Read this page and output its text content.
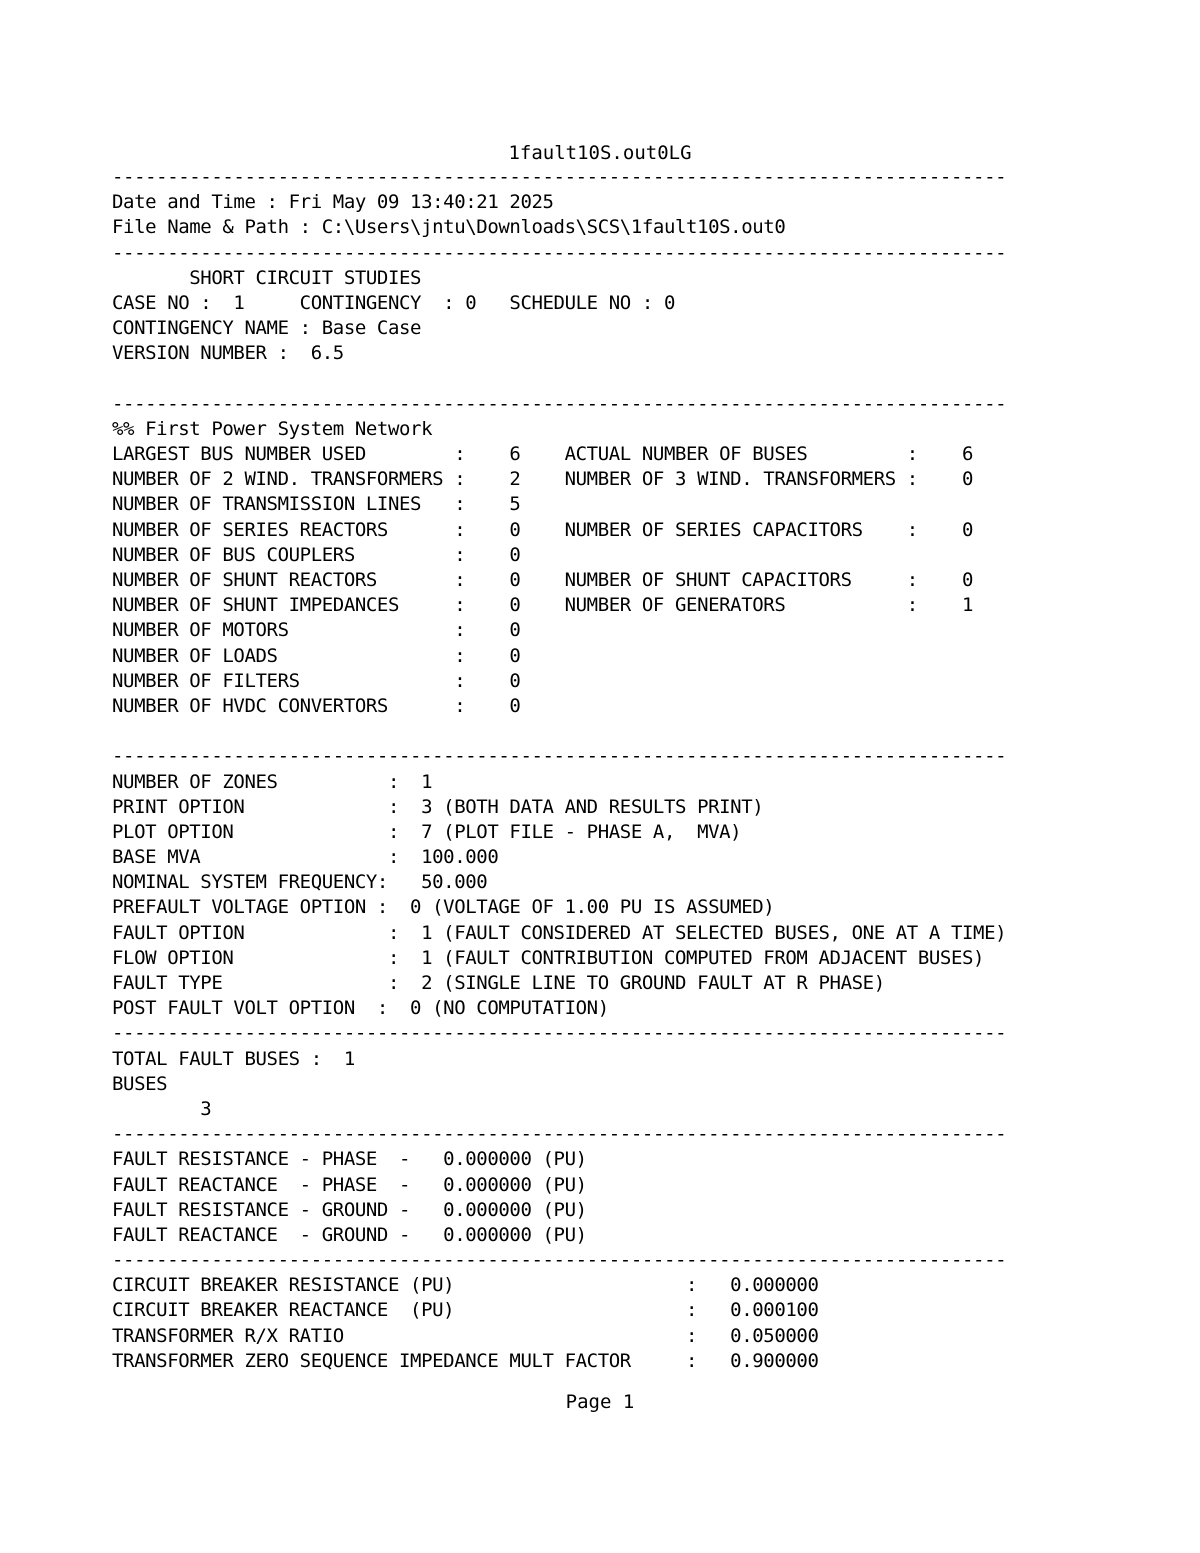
1fault10S.out0LG
---------------------------------------------------------------------------------
Date and Time : Fri May 09 13:40:21 2025
File Name & Path : C:\Users\jntu\Downloads\SCS\1fault10S.out0
---------------------------------------------------------------------------------
SHORT CIRCUIT STUDIES
CASE NO :  1     CONTINGENCY  : 0   SCHEDULE NO : 0
CONTINGENCY NAME : Base Case
VERSION NUMBER :  6.5
---------------------------------------------------------------------------------
%% First Power System Network
LARGEST BUS NUMBER USED        :    6    ACTUAL NUMBER OF BUSES         :    6
NUMBER OF 2 WIND. TRANSFORMERS :    2    NUMBER OF 3 WIND. TRANSFORMERS :    0
NUMBER OF TRANSMISSION LINES   :    5
NUMBER OF SERIES REACTORS      :    0    NUMBER OF SERIES CAPACITORS    :    0
NUMBER OF BUS COUPLERS         :    0
NUMBER OF SHUNT REACTORS       :    0    NUMBER OF SHUNT CAPACITORS     :    0
NUMBER OF SHUNT IMPEDANCES     :    0    NUMBER OF GENERATORS           :    1
NUMBER OF MOTORS               :    0
NUMBER OF LOADS                :    0
NUMBER OF FILTERS              :    0
NUMBER OF HVDC CONVERTORS      :    0
---------------------------------------------------------------------------------
NUMBER OF ZONES          :  1
PRINT OPTION             :  3 (BOTH DATA AND RESULTS PRINT)
PLOT OPTION              :  7 (PLOT FILE - PHASE A,  MVA)
BASE MVA                 :  100.000
NOMINAL SYSTEM FREQUENCY:   50.000
PREFAULT VOLTAGE OPTION :  0 (VOLTAGE OF 1.00 PU IS ASSUMED)
FAULT OPTION             :  1 (FAULT CONSIDERED AT SELECTED BUSES, ONE AT A TIME)
FLOW OPTION              :  1 (FAULT CONTRIBUTION COMPUTED FROM ADJACENT BUSES)
FAULT TYPE               :  2 (SINGLE LINE TO GROUND FAULT AT R PHASE)
POST FAULT VOLT OPTION  :  0 (NO COMPUTATION)
---------------------------------------------------------------------------------
TOTAL FAULT BUSES :  1
BUSES
3
---------------------------------------------------------------------------------
FAULT RESISTANCE - PHASE  -   0.000000 (PU)
FAULT REACTANCE  - PHASE  -   0.000000 (PU)
FAULT RESISTANCE - GROUND -   0.000000 (PU)
FAULT REACTANCE  - GROUND -   0.000000 (PU)
---------------------------------------------------------------------------------
CIRCUIT BREAKER RESISTANCE (PU)                     :   0.000000
CIRCUIT BREAKER REACTANCE  (PU)                     :   0.000100
TRANSFORMER R/X RATIO                               :   0.050000
TRANSFORMER ZERO SEQUENCE IMPEDANCE MULT FACTOR     :   0.900000
Page 1
